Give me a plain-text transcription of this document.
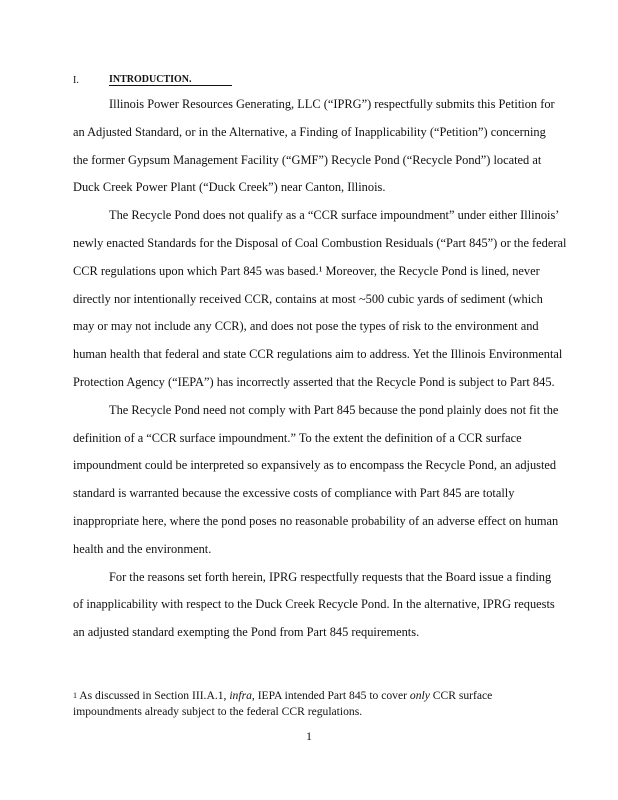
I.	INTRODUCTION.
Illinois Power Resources Generating, LLC (“IPRG”) respectfully submits this Petition for
an Adjusted Standard, or in the Alternative, a Finding of Inapplicability (“Petition”) concerning
the former Gypsum Management Facility (“GMF”) Recycle Pond (“Recycle Pond”) located at
Duck Creek Power Plant (“Duck Creek”) near Canton, Illinois.
The Recycle Pond does not qualify as a “CCR surface impoundment” under either Illinois’
newly enacted Standards for the Disposal of Coal Combustion Residuals (“Part 845”) or the federal
CCR regulations upon which Part 845 was based.¹ Moreover, the Recycle Pond is lined, never
directly nor intentionally received CCR, contains at most ~500 cubic yards of sediment (which
may or may not include any CCR), and does not pose the types of risk to the environment and
human health that federal and state CCR regulations aim to address. Yet the Illinois Environmental
Protection Agency (“IEPA”) has incorrectly asserted that the Recycle Pond is subject to Part 845.
The Recycle Pond need not comply with Part 845 because the pond plainly does not fit the
definition of a “CCR surface impoundment.” To the extent the definition of a CCR surface
impoundment could be interpreted so expansively as to encompass the Recycle Pond, an adjusted
standard is warranted because the excessive costs of compliance with Part 845 are totally
inappropriate here, where the pond poses no reasonable probability of an adverse effect on human
health and the environment.
For the reasons set forth herein, IPRG respectfully requests that the Board issue a finding
of inapplicability with respect to the Duck Creek Recycle Pond. In the alternative, IPRG requests
an adjusted standard exempting the Pond from Part 845 requirements.
$^1$ As discussed in Section III.A.1, infra, IEPA intended Part 845 to cover only CCR surface
impoundments already subject to the federal CCR regulations.
1
